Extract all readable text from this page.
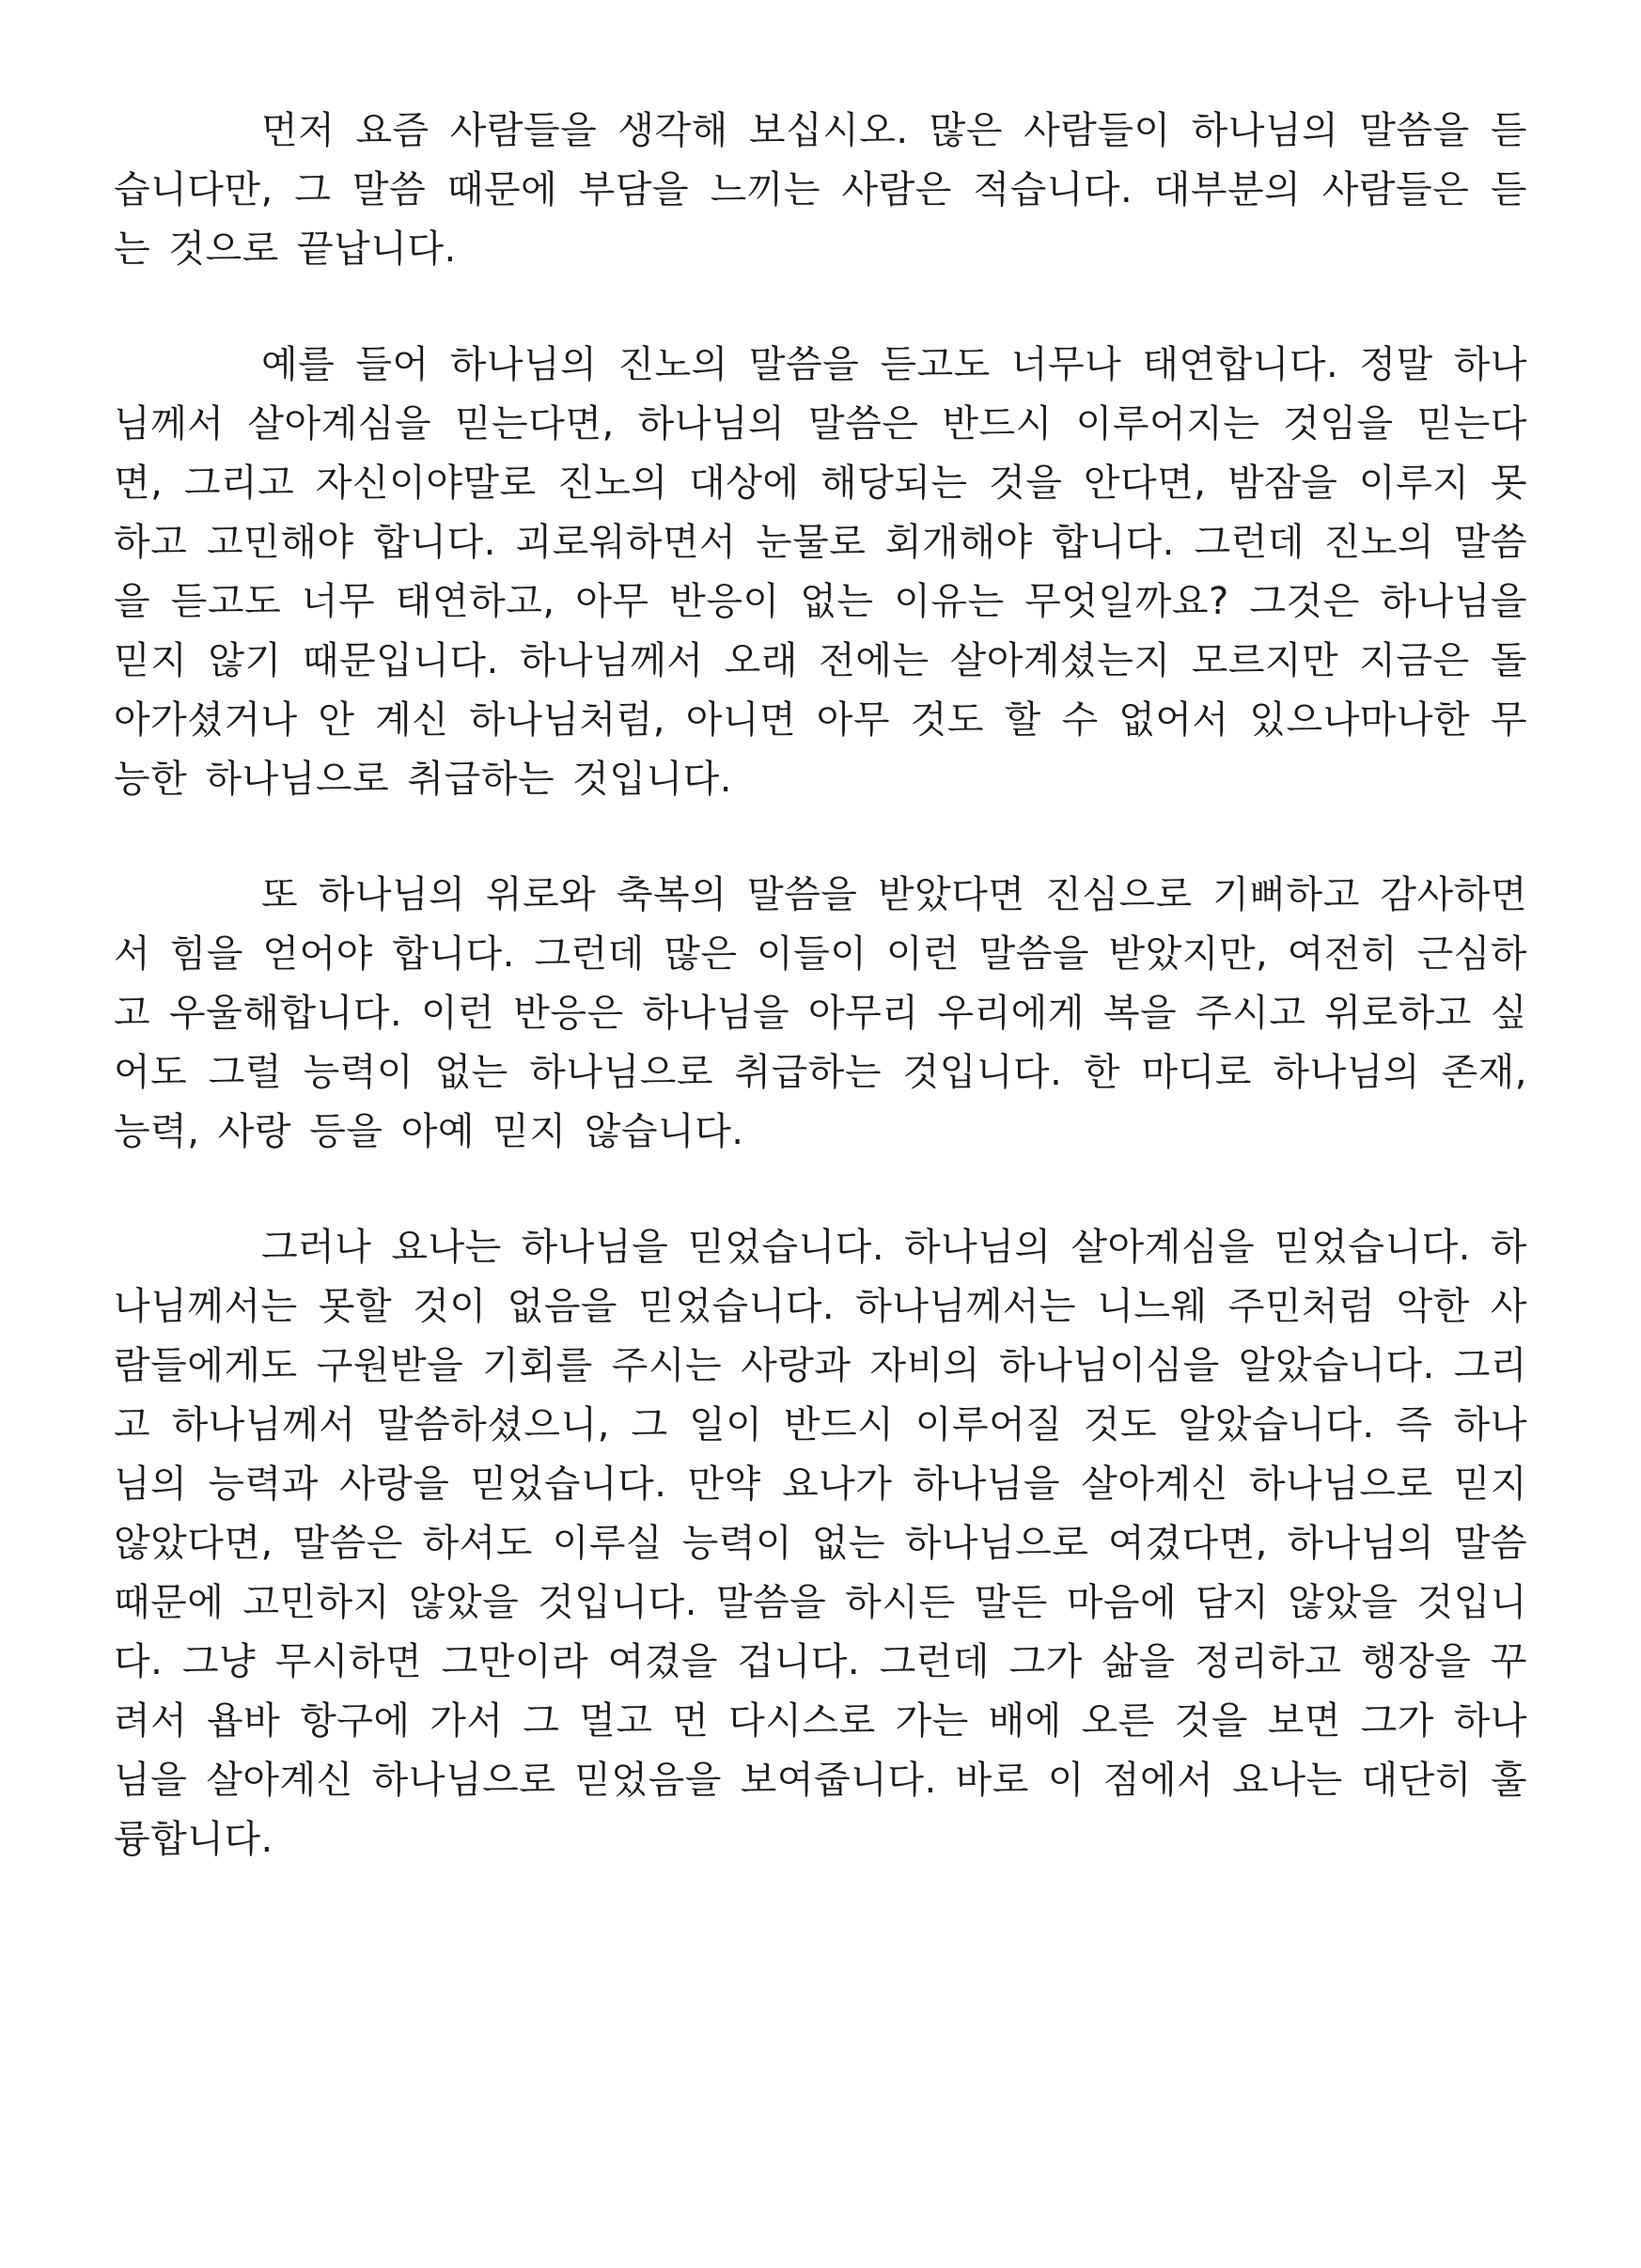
먼저 요즘 사람들을 생각해 보십시오. 많은 사람들이 하나님의 말씀을 듣습니다만, 그 말씀 때문에 부담을 느끼는 사람은 적습니다. 대부분의 사람들은 듣는 것으로 끝납니다.

예를 들어 하나님의 진노의 말씀을 듣고도 너무나 태연합니다. 정말 하나님께서 살아계심을 믿는다면, 하나님의 말씀은 반드시 이루어지는 것임을 믿는다면, 그리고 자신이야말로 진노의 대상에 해당되는 것을 안다면, 밤잠을 이루지 못하고 고민해야 합니다. 괴로워하면서 눈물로 회개해야 합니다. 그런데 진노의 말씀을 듣고도 너무 태연하고, 아무 반응이 없는 이유는 무엇일까요? 그것은 하나님을 믿지 않기 때문입니다. 하나님께서 오래 전에는 살아계셨는지 모르지만 지금은 돌아가셨거나 안 계신 하나님처럼, 아니면 아무 것도 할 수 없어서 있으나마나한 무능한 하나님으로 취급하는 것입니다.

또 하나님의 위로와 축복의 말씀을 받았다면 진심으로 기뻐하고 감사하면서 힘을 얻어야 합니다. 그런데 많은 이들이 이런 말씀을 받았지만, 여전히 근심하고 우울해합니다. 이런 반응은 하나님을 아무리 우리에게 복을 주시고 위로하고 싶어도 그럴 능력이 없는 하나님으로 취급하는 것입니다. 한 마디로 하나님의 존재, 능력, 사랑 등을 아예 믿지 않습니다.

그러나 요나는 하나님을 믿었습니다. 하나님의 살아계심을 믿었습니다. 하나님께서는 못할 것이 없음을 믿었습니다. 하나님께서는 니느웨 주민처럼 악한 사람들에게도 구원받을 기회를 주시는 사랑과 자비의 하나님이심을 알았습니다. 그리고 하나님께서 말씀하셨으니, 그 일이 반드시 이루어질 것도 알았습니다. 즉 하나님의 능력과 사랑을 믿었습니다. 만약 요나가 하나님을 살아계신 하나님으로 믿지 않았다면, 말씀은 하셔도 이루실 능력이 없는 하나님으로 여겼다면, 하나님의 말씀 때문에 고민하지 않았을 것입니다. 말씀을 하시든 말든 마음에 담지 않았을 것입니다. 그냥 무시하면 그만이라 여겼을 겁니다. 그런데 그가 삶을 정리하고 행장을 꾸려서 욥바 항구에 가서 그 멀고 먼 다시스로 가는 배에 오른 것을 보면 그가 하나님을 살아계신 하나님으로 믿었음을 보여줍니다. 바로 이 점에서 요나는 대단히 훌륭합니다.
